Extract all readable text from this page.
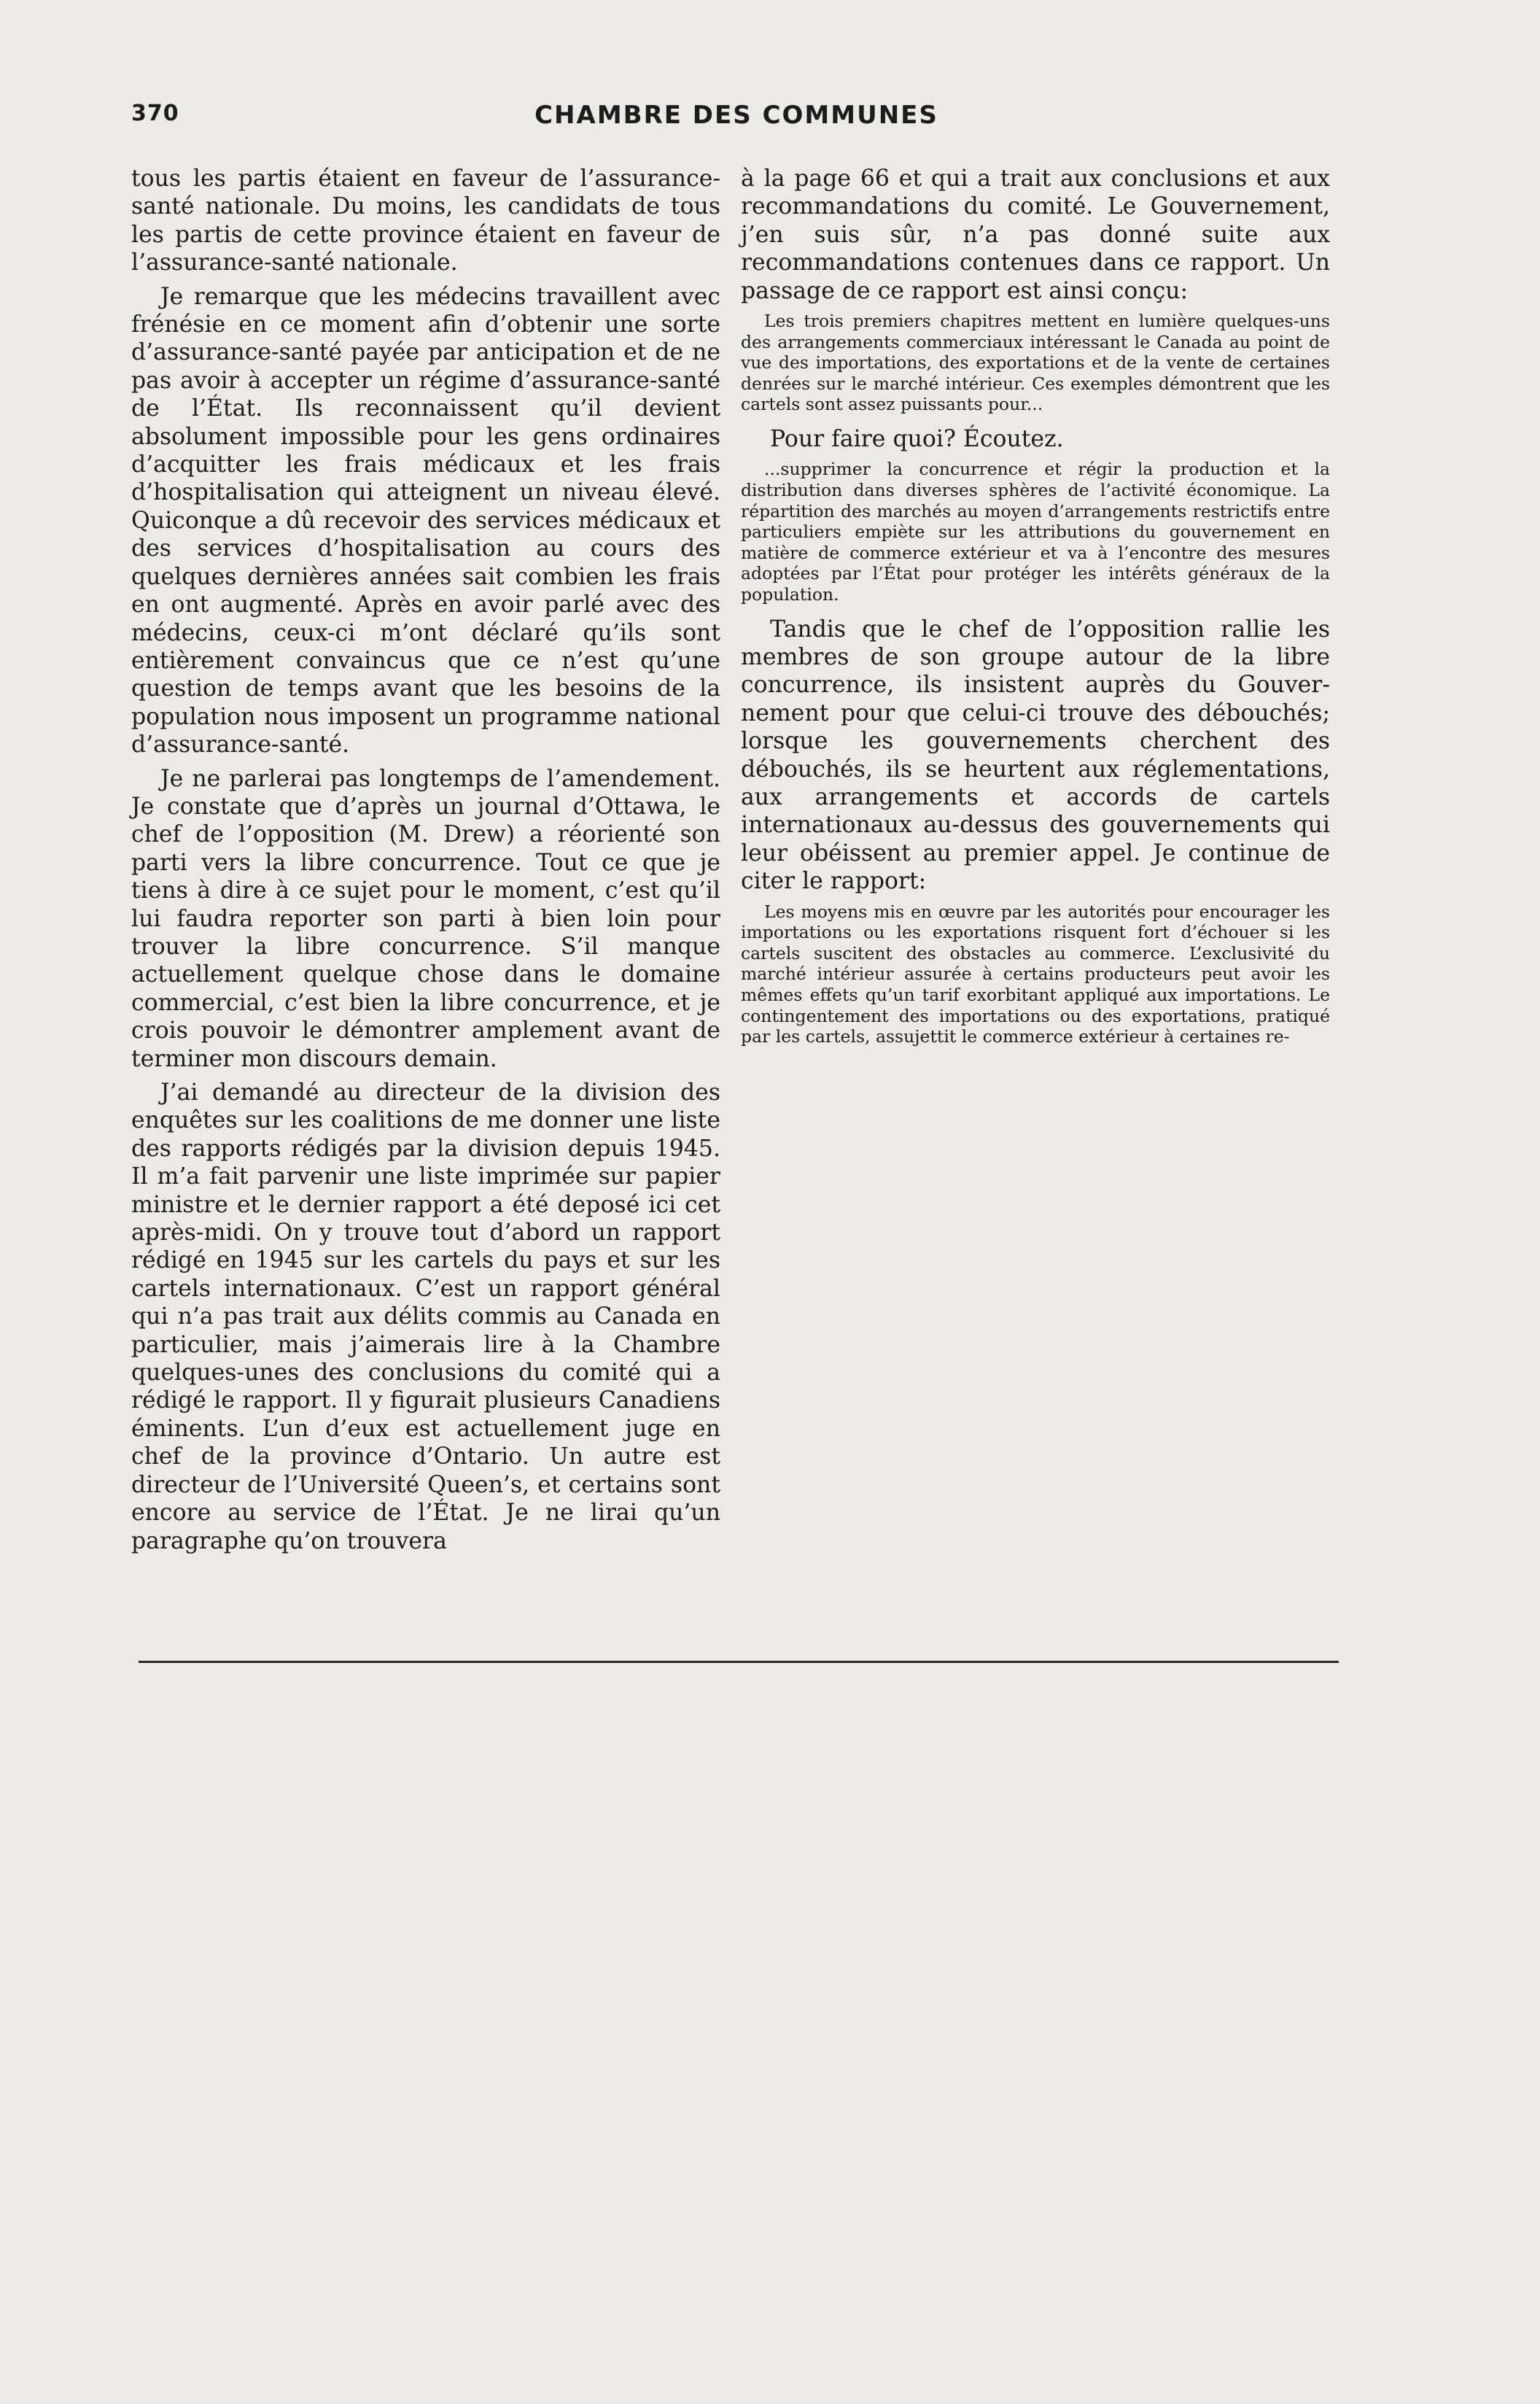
370	CHAMBRE DES COMMUNES

tous les partis étaient en faveur de l’assurance-santé nationale. Du moins, les candidats de tous les partis de cette province étaient en faveur de l’assurance-santé nationale.

Je remarque que les médecins travaillent avec frénésie en ce moment afin d’obtenir une sorte d’assurance-santé payée par anticipation et de ne pas avoir à accepter un régime d’assurance-santé de l’État. Ils reconnaissent qu’il devient absolument impossible pour les gens ordinaires d’acquitter les frais médicaux et les frais d’hospitalisation qui atteignent un niveau élevé. Quiconque a dû recevoir des services médicaux et des services d’hospitalisation au cours des quelques dernières années sait combien les frais en ont augmenté. Après en avoir parlé avec des médecins, ceux-ci m’ont déclaré qu’ils sont entièrement convaincus que ce n’est qu’une question de temps avant que les besoins de la population nous imposent un programme national d’assurance-santé.

Je ne parlerai pas longtemps de l’amendement. Je constate que d’après un journal d’Ottawa, le chef de l’opposition (M. Drew) a réorienté son parti vers la libre concurrence. Tout ce que je tiens à dire à ce sujet pour le moment, c’est qu’il lui faudra reporter son parti à bien loin pour trouver la libre concurrence. S’il manque actuellement quelque chose dans le domaine commercial, c’est bien la libre concurrence, et je crois pouvoir le démontrer amplement avant de terminer mon discours demain.

J’ai demandé au directeur de la division des enquêtes sur les coalitions de me donner une liste des rapports rédigés par la division depuis 1945. Il m’a fait parvenir une liste imprimée sur papier ministre et le dernier rapport a été deposé ici cet après-midi. On y trouve tout d’abord un rapport rédigé en 1945 sur les cartels du pays et sur les cartels internationaux. C’est un rapport général qui n’a pas trait aux délits commis au Canada en particulier, mais j’aimerais lire à la Chambre quelques-unes des conclusions du comité qui a rédigé le rapport. Il y figurait plusieurs Canadiens éminents. L’un d’eux est actuellement juge en chef de la province d’Ontario. Un autre est directeur de l’Université Queen’s, et certains sont encore au service de l’État. Je ne lirai qu’un paragraphe qu’on trouvera

à la page 66 et qui a trait aux conclusions et aux recommandations du comité. Le Gouvernement, j’en suis sûr, n’a pas donné suite aux recommandations contenues dans ce rapport. Un passage de ce rapport est ainsi conçu:

Les trois premiers chapitres mettent en lumière quelques-uns des arrangements commerciaux intéressant le Canada au point de vue des importations, des exportations et de la vente de certaines denrées sur le marché intérieur. Ces exemples démontrent que les cartels sont assez puissants pour...

Pour faire quoi? Écoutez.

...supprimer la concurrence et régir la production et la distribution dans diverses sphères de l’activité économique. La répartition des marchés au moyen d’arrangements restrictifs entre particuliers empiète sur les attributions du gouvernement en matière de commerce extérieur et va à l’encontre des mesures adoptées par l’État pour protéger les intérêts généraux de la population.

Tandis que le chef de l’opposition rallie les membres de son groupe autour de la libre concurrence, ils insistent auprès du Gouvernement pour que celui-ci trouve des débouchés; lorsque les gouvernements cherchent des débouchés, ils se heurtent aux réglementations, aux arrangements et accords de cartels internationaux au-dessus des gouvernements qui leur obéissent au premier appel. Je continue de citer le rapport:

Les moyens mis en œuvre par les autorités pour encourager les importations ou les exportations risquent fort d’échouer si les cartels suscitent des obstacles au commerce. L’exclusivité du marché intérieur assurée à certains producteurs peut avoir les mêmes effets qu’un tarif exorbitant appliqué aux importations. Le contingentement des importations ou des exportations, pratiqué par les cartels, assujettit le commerce extérieur à certaines re-
